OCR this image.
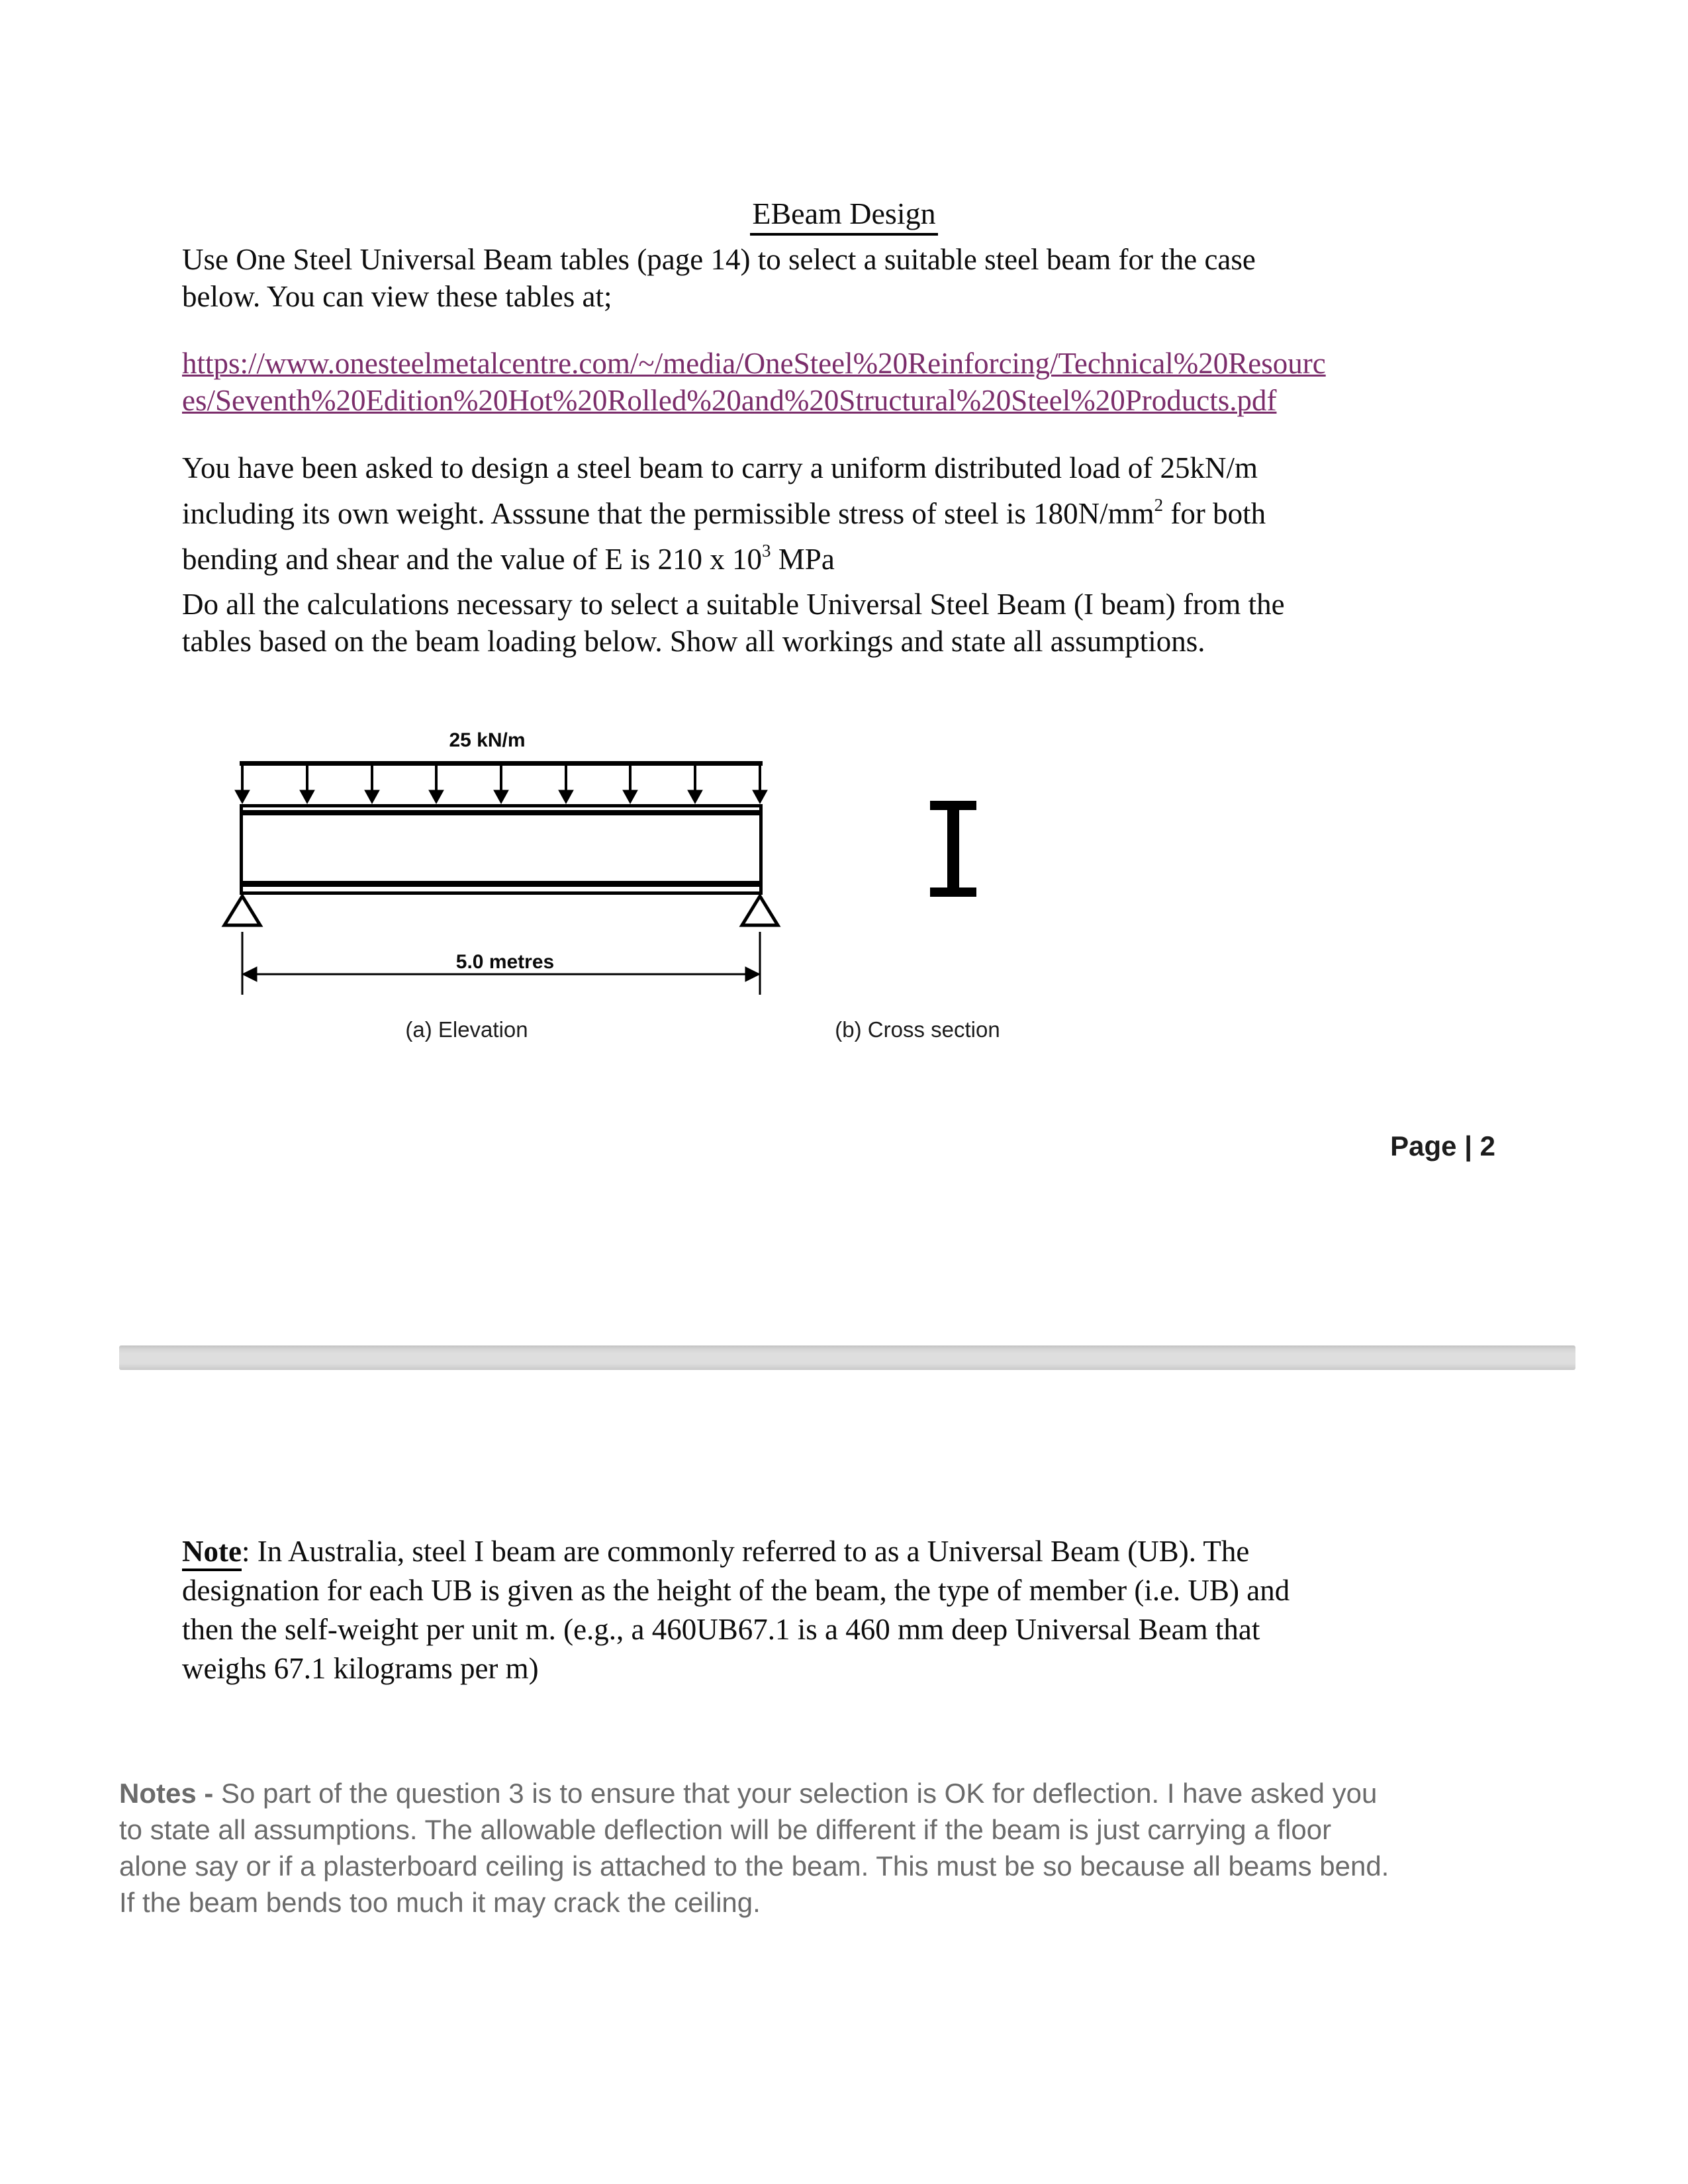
EBeam Design
Use One Steel Universal Beam tables (page 14) to select a suitable steel beam for the case
below. You can view these tables at;
https://www.onesteelmetalcentre.com/~/media/OneSteel%20Reinforcing/Technical%20Resourc
es/Seventh%20Edition%20Hot%20Rolled%20and%20Structural%20Steel%20Products.pdf
You have been asked to design a steel beam to carry a uniform distributed load of 25kN/m
including its own weight. Asssune that the permissible stress of steel is $180N/mm^2$ for both
bending and shear and the value of E is 210 x $10^3$ MPa
Do all the calculations necessary to select a suitable Universal Steel Beam (I beam) from the
tables based on the beam loading below. Show all workings and state all assumptions.
25 kN/m
5.0 metres
(a) Elevation	(b) Cross section
Page | 2
Note: In Australia, steel I beam are commonly referred to as a Universal Beam (UB). The
designation for each UB is given as the height of the beam, the type of member (i.e. UB) and
then the self-weight per unit m. (e.g., a 460UB67.1 is a 460 mm deep Universal Beam that
weighs 67.1 kilograms per m)
Notes - So part of the question 3 is to ensure that your selection is OK for deflection. I have asked you
to state all assumptions. The allowable deflection will be different if the beam is just carrying a floor
alone say or if a plasterboard ceiling is attached to the beam. This must be so because all beams bend.
If the beam bends too much it may crack the ceiling.
